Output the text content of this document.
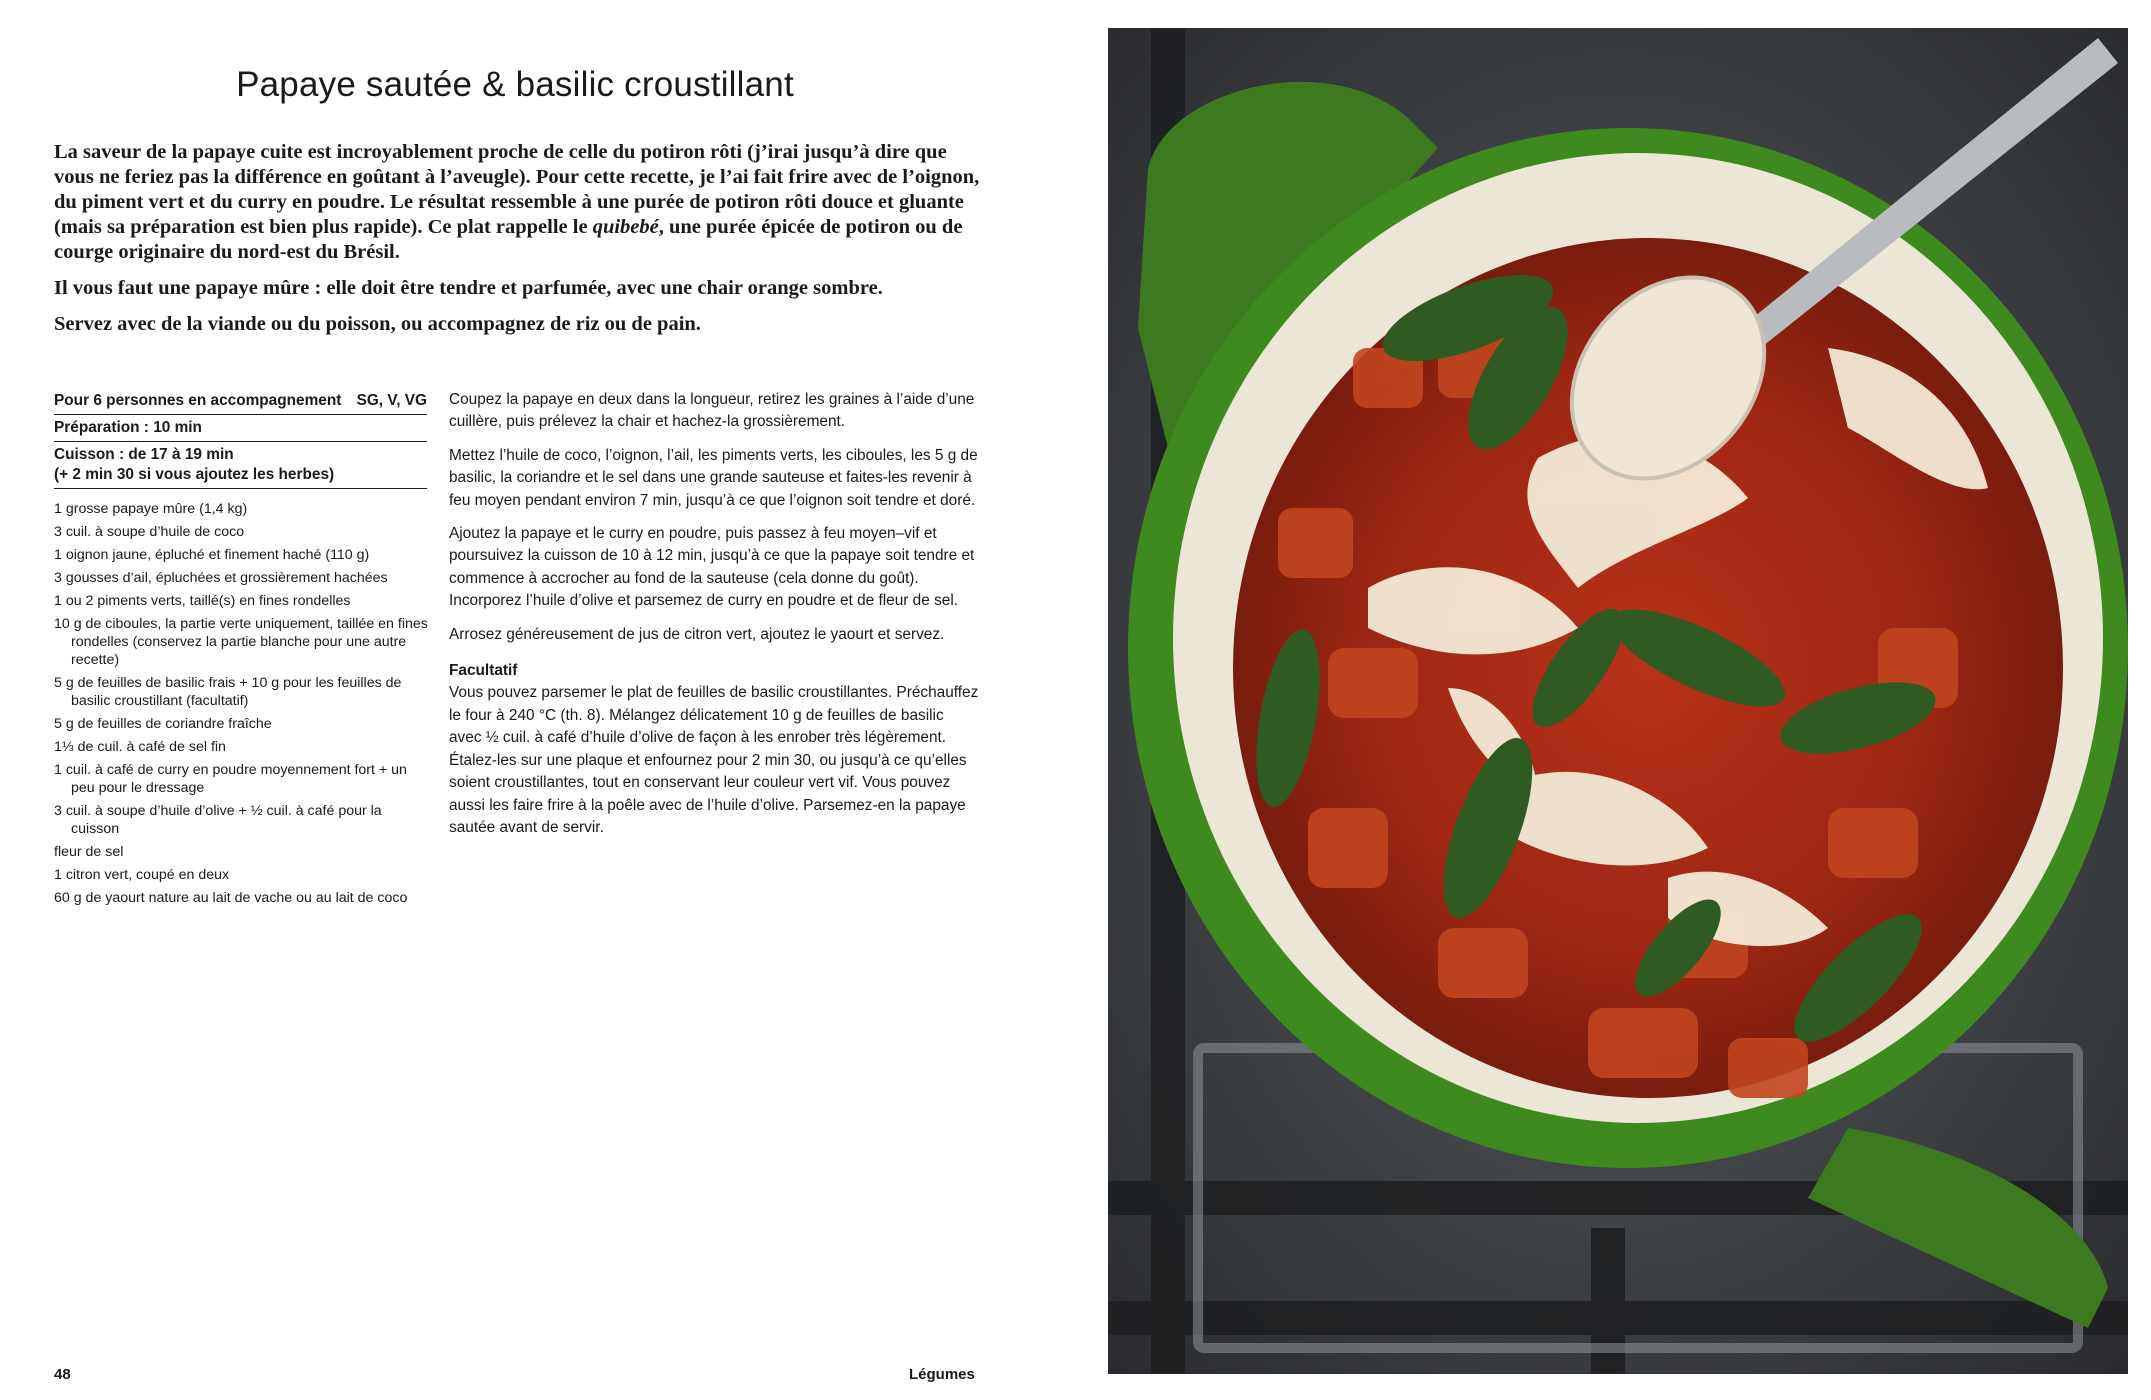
Papaye sautée & basilic croustillant

La saveur de la papaye cuite est incroyablement proche de celle du potiron rôti (j’irai jusqu’à dire que vous ne feriez pas la différence en goûtant à l’aveugle). Pour cette recette, je l’ai fait frire avec de l’oignon, du piment vert et du curry en poudre. Le résultat ressemble à une purée de potiron rôti douce et gluante (mais sa préparation est bien plus rapide). Ce plat rappelle le quibebé, une purée épicée de potiron ou de courge originaire du nord-est du Brésil.

Il vous faut une papaye mûre : elle doit être tendre et parfumée, avec une chair orange sombre.

Servez avec de la viande ou du poisson, ou accompagnez de riz ou de pain.

Pour 6 personnes en accompagnement SG, V, VG
Préparation : 10 min
Cuisson : de 17 à 19 min
(+ 2 min 30 si vous ajoutez les herbes)
1 grosse papaye mûre (1,4 kg)
3 cuil. à soupe d’huile de coco
1 oignon jaune, épluché et finement haché (110 g)
3 gousses d’ail, épluchées et grossièrement hachées
1 ou 2 piments verts, taillé(s) en fines rondelles
10 g de ciboules, la partie verte uniquement, taillée en fines rondelles (conservez la partie blanche pour une autre recette)
5 g de feuilles de basilic frais + 10 g pour les feuilles de basilic croustillant (facultatif)
5 g de feuilles de coriandre fraîche
1⅓ de cuil. à café de sel fin
1 cuil. à café de curry en poudre moyennement fort + un peu pour le dressage
3 cuil. à soupe d’huile d’olive + ½ cuil. à café pour la cuisson
fleur de sel
1 citron vert, coupé en deux
60 g de yaourt nature au lait de vache ou au lait de coco

Coupez la papaye en deux dans la longueur, retirez les graines à l’aide d’une cuillère, puis prélevez la chair et hachez-la grossièrement.

Mettez l’huile de coco, l’oignon, l’ail, les piments verts, les ciboules, les 5 g de basilic, la coriandre et le sel dans une grande sauteuse et faites-les revenir à feu moyen pendant environ 7 min, jusqu’à ce que l’oignon soit tendre et doré.

Ajoutez la papaye et le curry en poudre, puis passez à feu moyen–vif et poursuivez la cuisson de 10 à 12 min, jusqu’à ce que la papaye soit tendre et commence à accrocher au fond de la sauteuse (cela donne du goût). Incorporez l’huile d’olive et parsemez de curry en poudre et de fleur de sel.

Arrosez généreusement de jus de citron vert, ajoutez le yaourt et servez.

Facultatif

Vous pouvez parsemer le plat de feuilles de basilic croustillantes. Préchauffez le four à 240 °C (th. 8). Mélangez délicatement 10 g de feuilles de basilic avec ½ cuil. à café d’huile d’olive de façon à les enrober très légèrement. Étalez-les sur une plaque et enfournez pour 2 min 30, ou jusqu’à ce qu’elles soient croustillantes, tout en conservant leur couleur vert vif. Vous pouvez aussi les faire frire à la poêle avec de l’huile d’olive. Parsemez-en la papaye sautée avant de servir.

48	Légumes
